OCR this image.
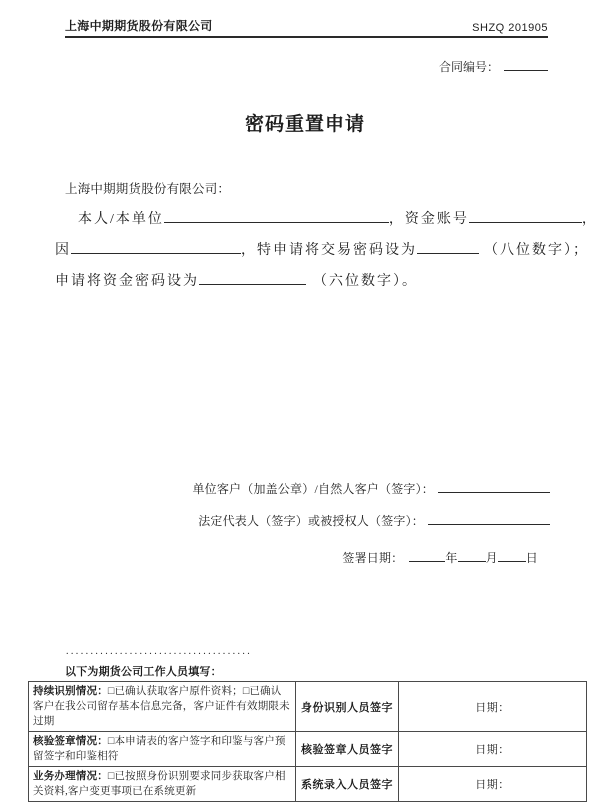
上海中期期货股份有限公司	SHZQ 201905
合同编号：
密码重置申请
上海中期期货股份有限公司：
本人/本单位	，资金账号	，
因	，特申请将交易密码设为	（八位数字）；
申请将资金密码设为	（六位数字）。
单位客户（加盖公章）/自然人客户（签字）：
法定代表人（签字）或被授权人（签字）：
签署日期：	年 月 日
......................................
以下为期货公司工作人员填写：
持续识别情况：□已确认获取客户原件资料；□已确认客户在我公司留存基本信息完备，客户证件有效期限未过期	身份识别人员签字	日期：
核验签章情况：□本申请表的客户签字和印鉴与客户预留签字和印鉴相符	核验签章人员签字	日期：
业务办理情况：□已按照身份识别要求同步获取客户相关资料,客户变更事项已在系统更新	系统录入人员签字	日期：
